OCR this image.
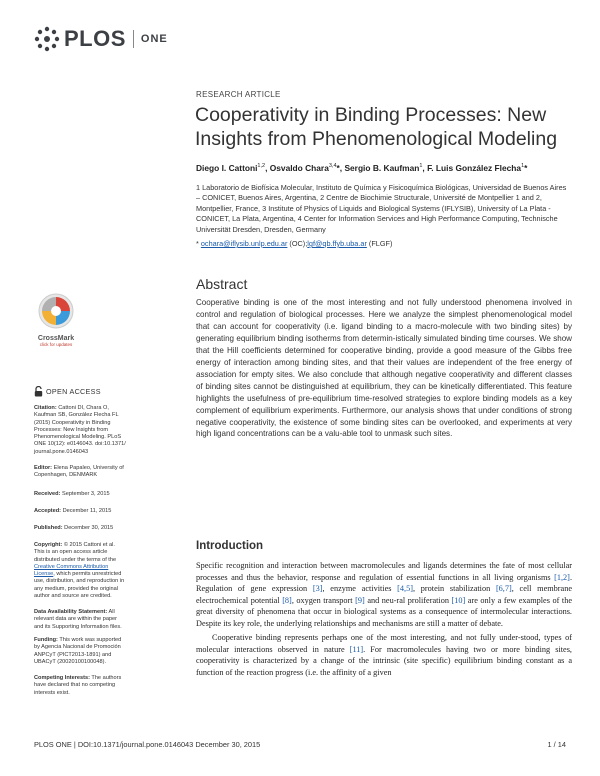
PLOS ONE
RESEARCH ARTICLE
Cooperativity in Binding Processes: New Insights from Phenomenological Modeling
Diego I. Cattoni$^{1,2}$, Osvaldo Chara$^{3,4}$*, Sergio B. Kaufman$^1$, F. Luis González Flecha$^1$*
1 Laboratorio de Biofísica Molecular, Instituto de Química y Fisicoquímica Biológicas, Universidad de Buenos Aires – CONICET, Buenos Aires, Argentina, 2 Centre de Biochimie Structurale, Université de Montpellier 1 and 2, Montpellier, France, 3 Institute of Physics of Liquids and Biological Systems (IFLYSIB), University of La Plata - CONICET, La Plata, Argentina, 4 Center for Information Services and High Performance Computing, Technische Universität Dresden, Dresden, Germany
* ochara@iflysib.unlp.edu.ar (OC);lgf@qb.ffyb.uba.ar (FLGF)
Abstract
Cooperative binding is one of the most interesting and not fully understood phenomena involved in control and regulation of biological processes. Here we analyze the simplest phenomenological model that can account for cooperativity (i.e. ligand binding to a macro-molecule with two binding sites) by generating equilibrium binding isotherms from determin-istically simulated binding time courses. We show that the Hill coefficients determined for cooperative binding, provide a good measure of the Gibbs free energy of interaction among binding sites, and that their values are independent of the free energy of association for empty sites. We also conclude that although negative cooperativity and different classes of binding sites cannot be distinguished at equilibrium, they can be kinetically differentiated. This feature highlights the usefulness of pre-equilibrium time-resolved strategies to explore binding models as a key complement of equilibrium experiments. Furthermore, our analysis shows that under conditions of strong negative cooperativity, the existence of some binding sites can be overlooked, and experiments at very high ligand concentrations can be a valu-able tool to unmask such sites.
CrossMark
click for updates
OPEN ACCESS
Citation: Cattoni DI, Chara O, Kaufman SB, González Flecha FL (2015) Cooperativity in Binding Processes: New Insights from Phenomenological Modeling. PLoS ONE 10(12): e0146043. doi:10.1371/ journal.pone.0146043
Editor: Elena Papaleo, University of Copenhagen, DENMARK
Received: September 3, 2015
Accepted: December 11, 2015
Published: December 30, 2015
Copyright: © 2015 Cattoni et al. This is an open access article distributed under the terms of the Creative Commons Attribution License, which permits unrestricted use, distribution, and reproduction in any medium, provided the original author and source are credited.
Data Availability Statement: All relevant data are within the paper and its Supporting Information files.
Funding: This work was supported by Agencia Nacional de Promoción ANPCyT (PICT2013-1891) and UBACyT (20020100100048).
Competing Interests: The authors have declared that no competing interests exist.
Introduction

Specific recognition and interaction between macromolecules and ligands determines the fate of most cellular processes and thus the behavior, response and regulation of essential functions in all living organisms [1,2]. Regulation of gene expression [3], enzyme activities [4,5], protein stabilization [6,7], cell membrane electrochemical potential [8], oxygen transport [9] and neu-ral proliferation [10] are only a few examples of the great diversity of phenomena that occur in biological systems as a consequence of intermolecular interactions. Despite its key role, the underlying relationships and mechanisms are still a matter of debate.

Cooperative binding represents perhaps one of the most interesting, and not fully under-stood, types of molecular interactions observed in nature [11]. For macromolecules having two or more binding sites, cooperativity is characterized by a change of the intrinsic (site specific) equilibrium binding constant as a function of the reaction progress (i.e. the affinity of a given

PLOS ONE | DOI:10.1371/journal.pone.0146043 December 30, 2015	1 / 14
